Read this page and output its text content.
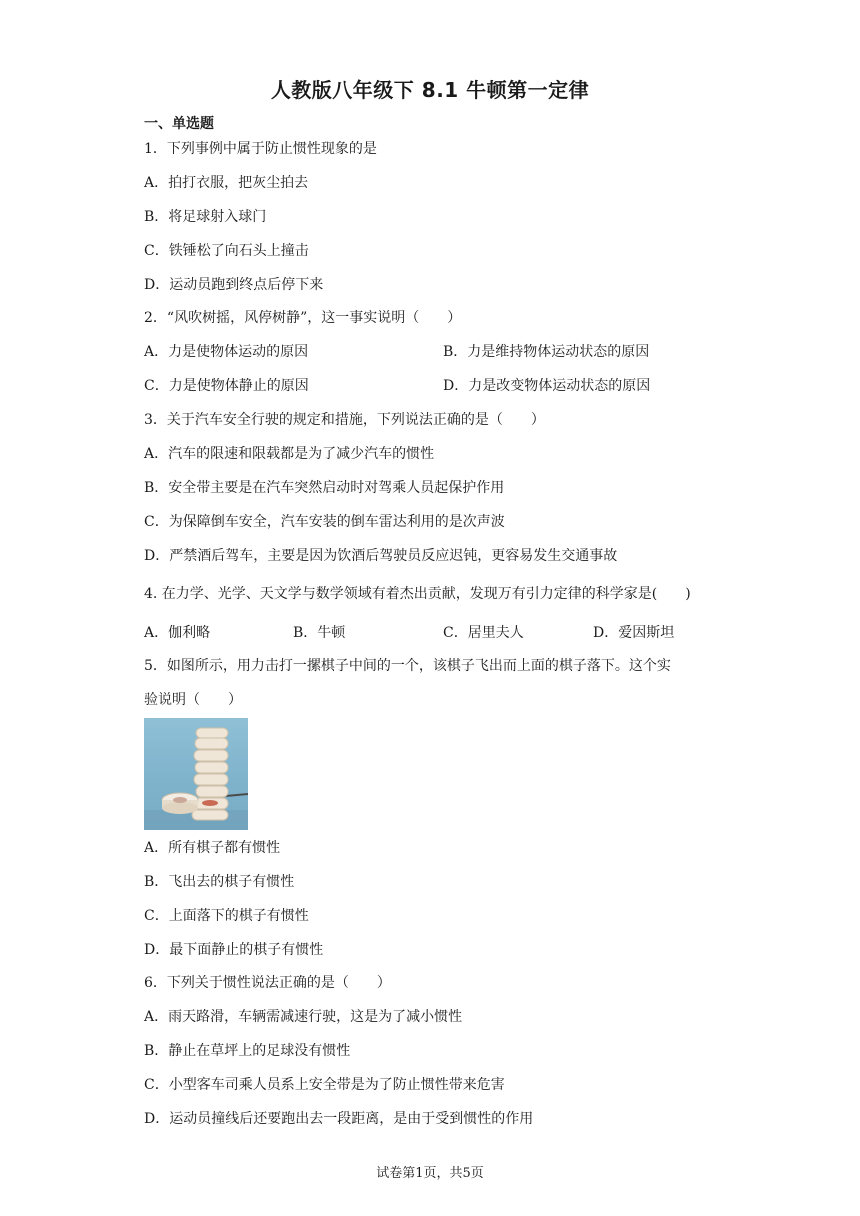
人教版八年级下 8.1 牛顿第一定律
一、单选题
1．下列事例中属于防止惯性现象的是
A．拍打衣服，把灰尘拍去
B．将足球射入球门
C．铁锤松了向石头上撞击
D．运动员跑到终点后停下来
2．“风吹树摇，风停树静”，这一事实说明（　　）
A．力是使物体运动的原因	B．力是维持物体运动状态的原因
C．力是使物体静止的原因	D．力是改变物体运动状态的原因
3．关于汽车安全行驶的规定和措施，下列说法正确的是（　　）
A．汽车的限速和限载都是为了减少汽车的惯性
B．安全带主要是在汽车突然启动时对驾乘人员起保护作用
C．为保障倒车安全，汽车安装的倒车雷达利用的是次声波
D．严禁酒后驾车，主要是因为饮酒后驾驶员反应迟钝，更容易发生交通事故
4. 在力学、光学、天文学与数学领域有着杰出贡献，发现万有引力定律的科学家是(　　)
A．伽利略	B．牛顿	C．居里夫人	D．爱因斯坦
5．如图所示，用力击打一摞棋子中间的一个，该棋子飞出而上面的棋子落下。这个实
验说明（　　）
A．所有棋子都有惯性
B．飞出去的棋子有惯性
C．上面落下的棋子有惯性
D．最下面静止的棋子有惯性
6．下列关于惯性说法正确的是（　　）
A．雨天路滑，车辆需减速行驶，这是为了减小惯性
B．静止在草坪上的足球没有惯性
C．小型客车司乘人员系上安全带是为了防止惯性带来危害
D．运动员撞线后还要跑出去一段距离，是由于受到惯性的作用
试卷第1页，共5页
